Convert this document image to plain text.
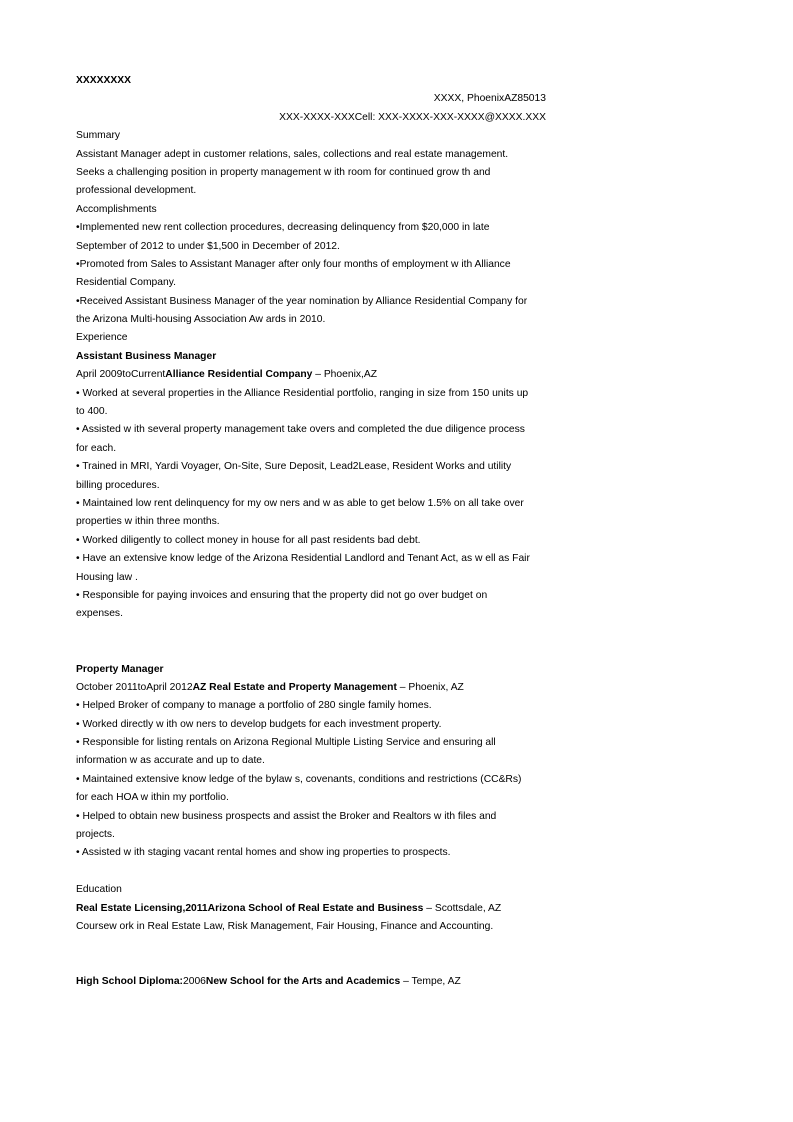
XXXXXXXX
XXXX, PhoenixAZ85013
XXX-XXXX-XXXCell: XXX-XXXX-XXX-XXXX@XXXX.XXX
Summary
Assistant Manager adept in customer relations, sales, collections and real estate management.
Seeks a challenging position in property management w ith room for continued grow th and
professional development.
Accomplishments
•Implemented new rent collection procedures, decreasing delinquency from $20,000 in late
September of 2012 to under $1,500 in December of 2012.
•Promoted from Sales to Assistant Manager after only four months of employment w ith Alliance
Residential Company.
•Received Assistant Business Manager of the year nomination by Alliance Residential Company for
the Arizona Multi-housing Association Aw ards in 2010.
Experience
Assistant Business Manager
April 2009toCurrentAlliance Residential Company – Phoenix,AZ
• Worked at several properties in the Alliance Residential portfolio, ranging in size from 150 units up
to 400.
• Assisted w ith several property management take overs and completed the due diligence process
for each.
• Trained in MRI, Yardi Voyager, On-Site, Sure Deposit, Lead2Lease, Resident Works and utility
billing procedures.
• Maintained low rent delinquency for my ow ners and w as able to get below 1.5% on all take over
properties w ithin three months.
• Worked diligently to collect money in house for all past residents bad debt.
• Have an extensive know ledge of the Arizona Residential Landlord and Tenant Act, as w ell as Fair
Housing law .
• Responsible for paying invoices and ensuring that the property did not go over budget on
expenses.
Property Manager
October 2011toApril 2012AZ Real Estate and Property Management – Phoenix, AZ
• Helped Broker of company to manage a portfolio of 280 single family homes.
• Worked directly w ith ow ners to develop budgets for each investment property.
• Responsible for listing rentals on Arizona Regional Multiple Listing Service and ensuring all
information w as accurate and up to date.
• Maintained extensive know ledge of the bylaw s, covenants, conditions and restrictions (CC&Rs)
for each HOA w ithin my portfolio.
• Helped to obtain new business prospects and assist the Broker and Realtors w ith files and
projects.
• Assisted w ith staging vacant rental homes and show ing properties to prospects.
Education
Real Estate Licensing,2011Arizona School of Real Estate and Business – Scottsdale, AZ
Coursew ork in Real Estate Law, Risk Management, Fair Housing, Finance and Accounting.
High School Diploma:2006New School for the Arts and Academics – Tempe, AZ
